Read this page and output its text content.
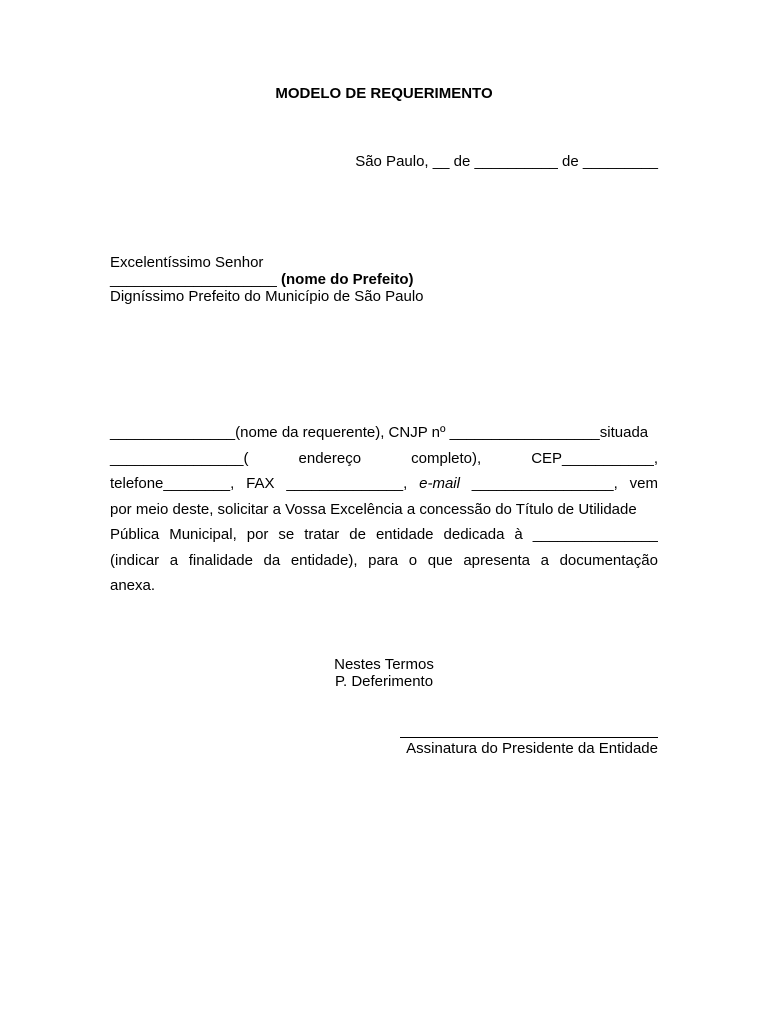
MODELO DE REQUERIMENTO
São Paulo, __ de __________ de _________
Excelentíssimo Senhor
____________________ (nome do Prefeito)
Digníssimo Prefeito do Município de São Paulo
_______________(nome da requerente), CNJP nº __________________situada
________________(	endereço	completo),	CEP___________,
telefone________, FAX ______________, e-mail _________________, vem
por meio deste, solicitar a Vossa Excelência a concessão do Título de Utilidade
Pública Municipal, por se tratar de entidade dedicada à _______________
(indicar a finalidade da entidade), para o que apresenta a documentação
anexa.
Nestes Termos
P. Deferimento
Assinatura do Presidente da Entidade
